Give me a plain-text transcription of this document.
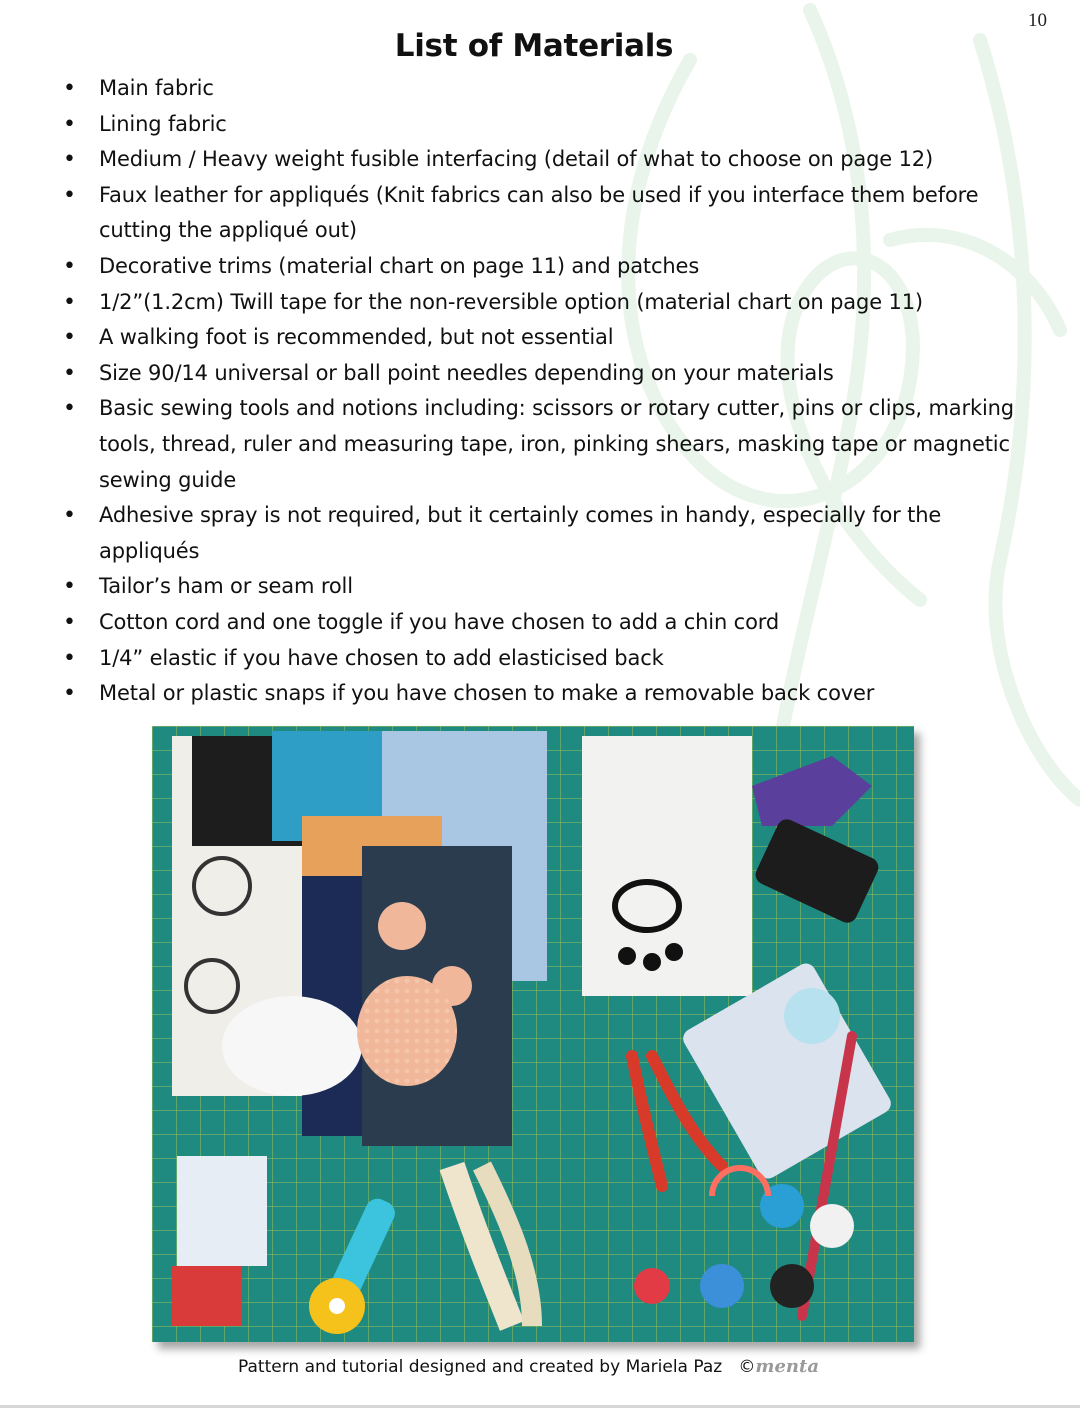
10
List of Materials
• Main fabric
• Lining fabric
• Medium / Heavy weight fusible interfacing (detail of what to choose on page 12)
• Faux leather for appliqués (Knit fabrics can also be used if you interface them before cutting the appliqué out)
• Decorative trims (material chart on page 11) and patches
• 1/2”(1.2cm) Twill tape for the non-reversible option (material chart on page 11)
• A walking foot is recommended, but not essential
• Size 90/14 universal or ball point needles depending on your materials
• Basic sewing tools and notions including: scissors or rotary cutter, pins or clips, marking tools, thread, ruler and measuring tape, iron, pinking shears, masking tape or magnetic sewing guide
• Adhesive spray is not required, but it certainly comes in handy, especially for the appliqués
• Tailor’s ham or seam roll
• Cotton cord and one toggle if you have chosen to add a chin cord
• 1/4” elastic if you have chosen to add elasticised back
• Metal or plastic snaps if you have chosen to make a removable back cover
Pattern and tutorial designed and created by Mariela Paz ©menta
